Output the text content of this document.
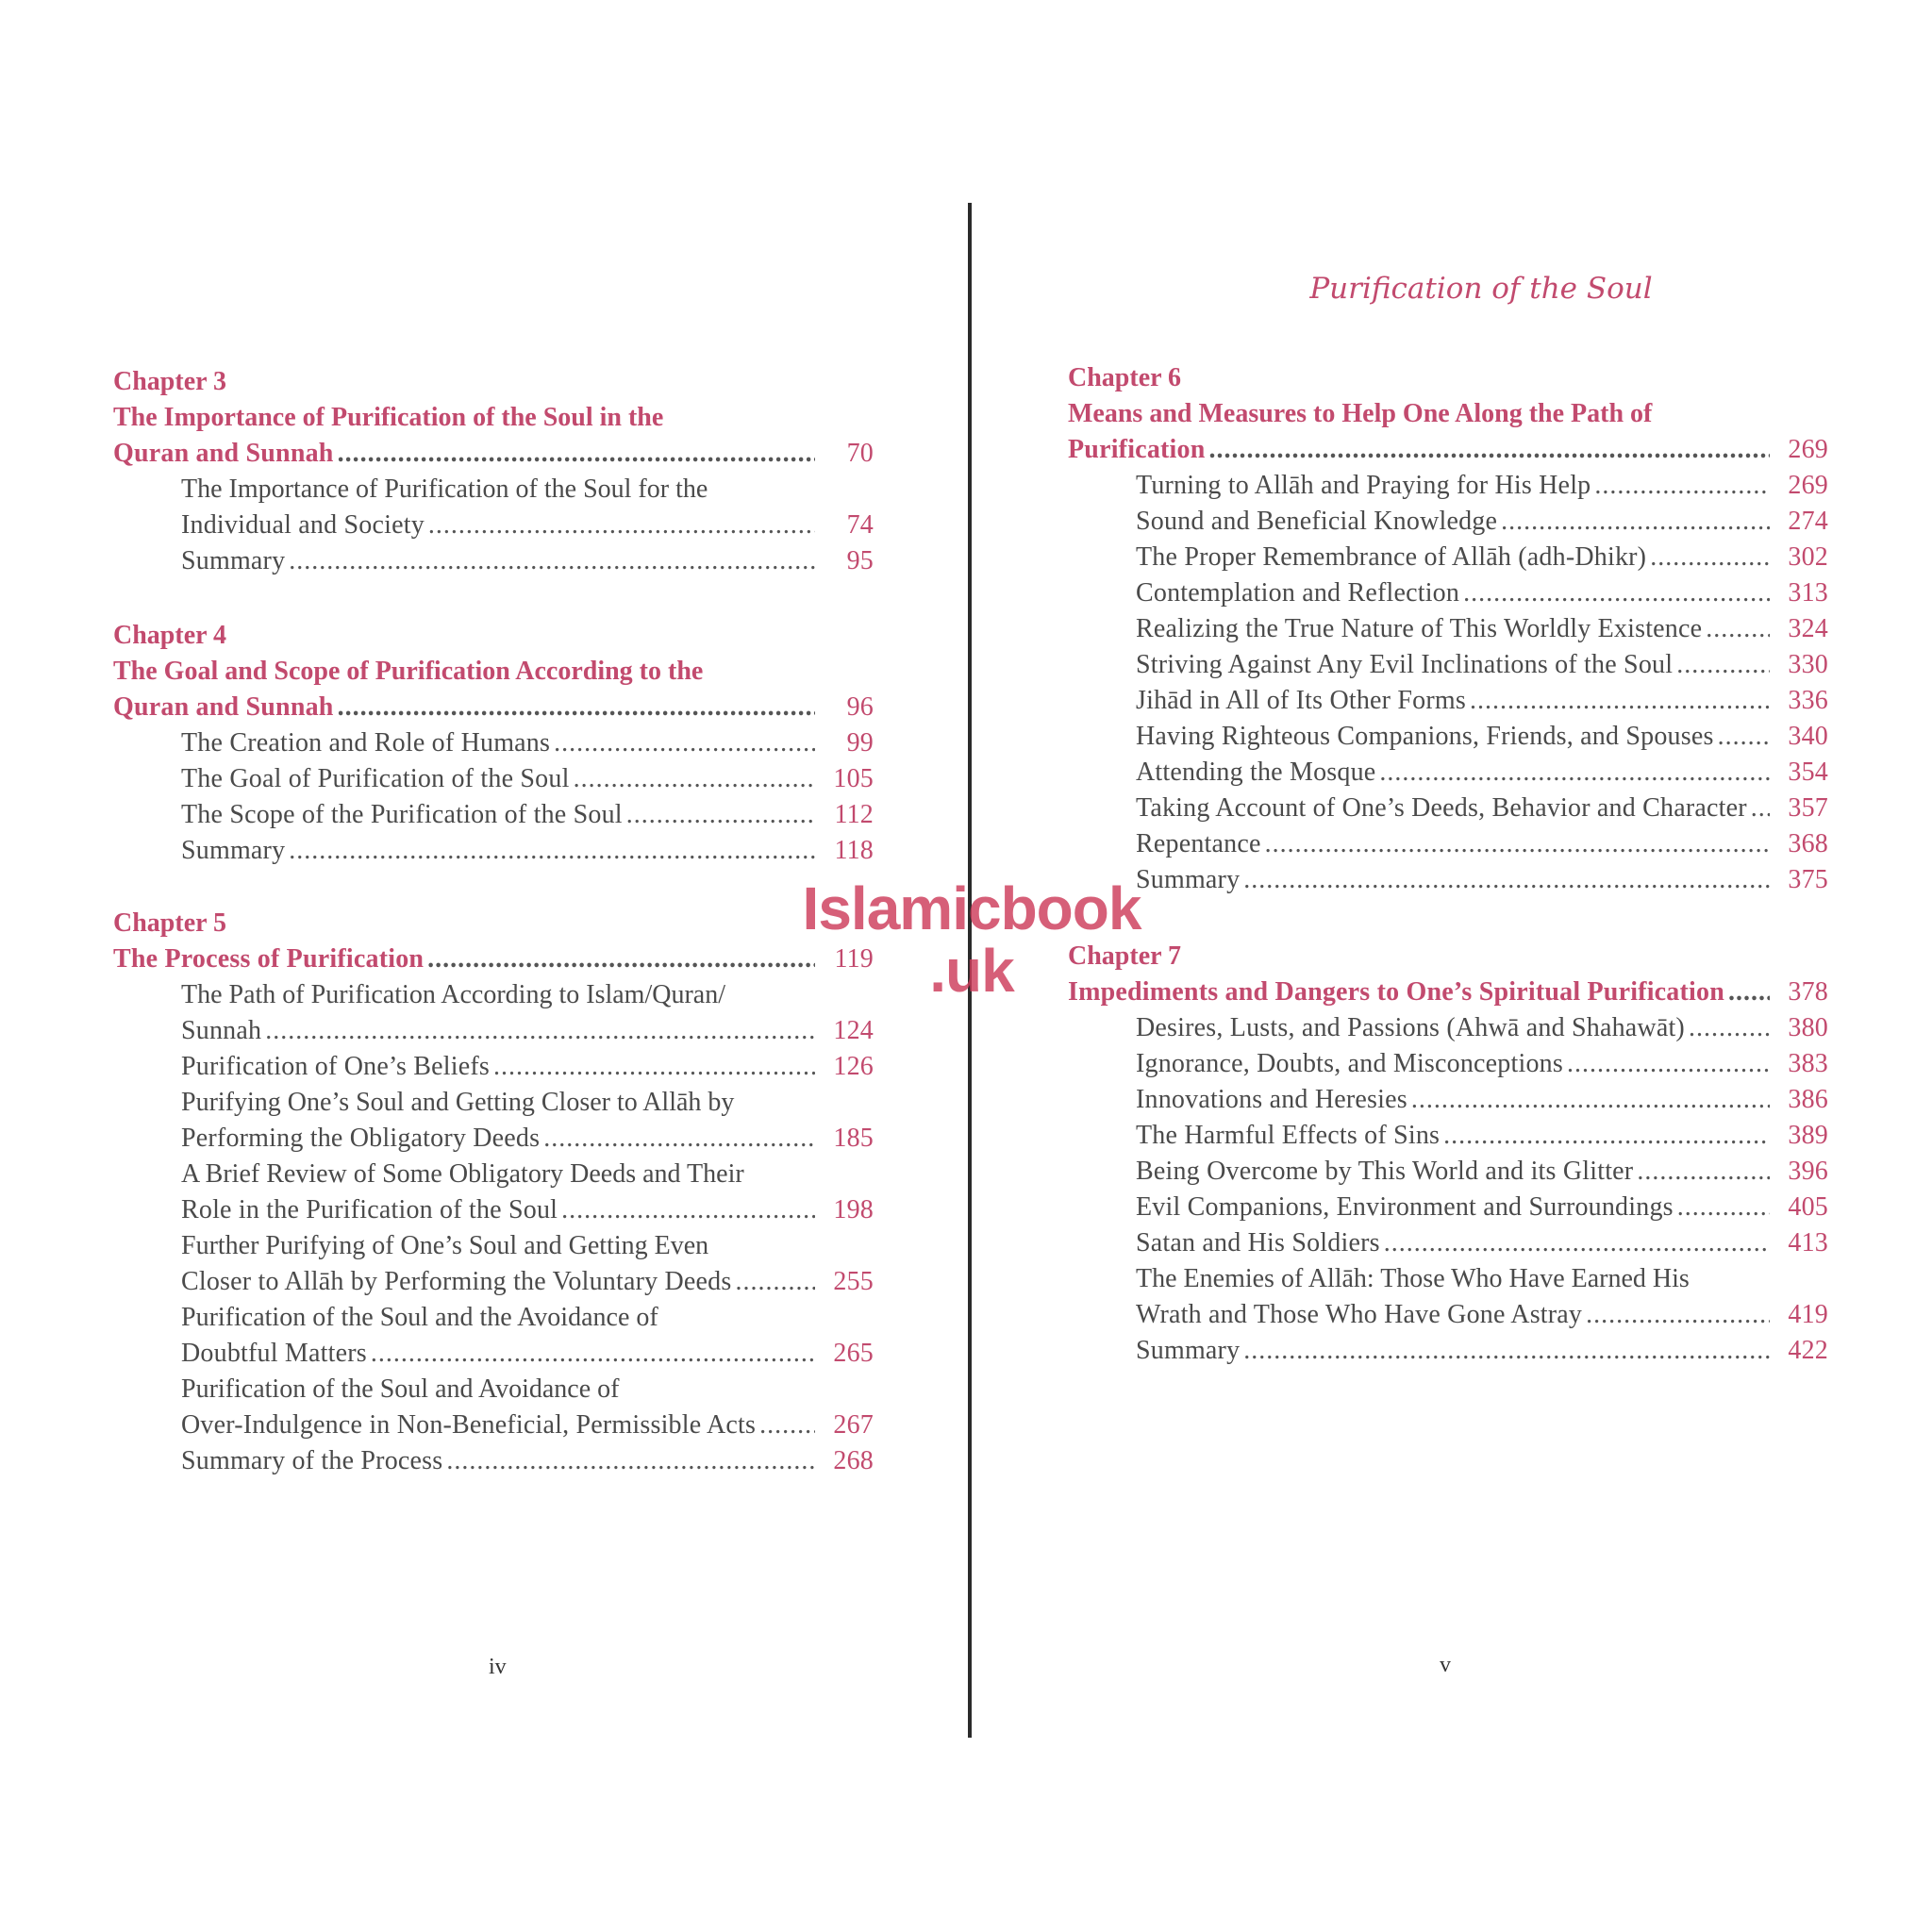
Purification of the Soul
Chapter 3
The Importance of Purification of the Soul in the
Quran and Sunnah .....	70
The Importance of Purification of the Soul for the
Individual and Society .....	74
Summary .....	95
Chapter 4
The Goal and Scope of Purification According to the
Quran and Sunnah .....	96
The Creation and Role of Humans .....	99
The Goal of Purification of the Soul .....	105
The Scope of the Purification of the Soul .....	112
Summary .....	118
Chapter 5
The Process of Purification .....	119
The Path of Purification According to Islam/Quran/
Sunnah .....	124
Purification of One’s Beliefs .....	126
Purifying One’s Soul and Getting Closer to Allāh by
Performing the Obligatory Deeds .....	185
A Brief Review of Some Obligatory Deeds and Their
Role in the Purification of the Soul .....	198
Further Purifying of One’s Soul and Getting Even
Closer to Allāh by Performing the Voluntary Deeds .....	255
Purification of the Soul and the Avoidance of
Doubtful Matters .....	265
Purification of the Soul and Avoidance of
Over-Indulgence in Non-Beneficial, Permissible Acts .....	267
Summary of the Process .....	268
Chapter 6
Means and Measures to Help One Along the Path of
Purification .....	269
Turning to Allāh and Praying for His Help .....	269
Sound and Beneficial Knowledge .....	274
The Proper Remembrance of Allāh (adh-Dhikr) .....	302
Contemplation and Reflection .....	313
Realizing the True Nature of This Worldly Existence .....	324
Striving Against Any Evil Inclinations of the Soul .....	330
Jihād in All of Its Other Forms .....	336
Having Righteous Companions, Friends, and Spouses .....	340
Attending the Mosque .....	354
Taking Account of One’s Deeds, Behavior and Character .....	357
Repentance .....	368
Summary .....	375
Chapter 7
Impediments and Dangers to One’s Spiritual Purification .....	378
Desires, Lusts, and Passions (Ahwā and Shahawāt) .....	380
Ignorance, Doubts, and Misconceptions .....	383
Innovations and Heresies .....	386
The Harmful Effects of Sins .....	389
Being Overcome by This World and its Glitter .....	396
Evil Companions, Environment and Surroundings .....	405
Satan and His Soldiers .....	413
The Enemies of Allāh: Those Who Have Earned His
Wrath and Those Who Have Gone Astray .....	419
Summary .....	422
iv	v
Islamicbook
.uk
